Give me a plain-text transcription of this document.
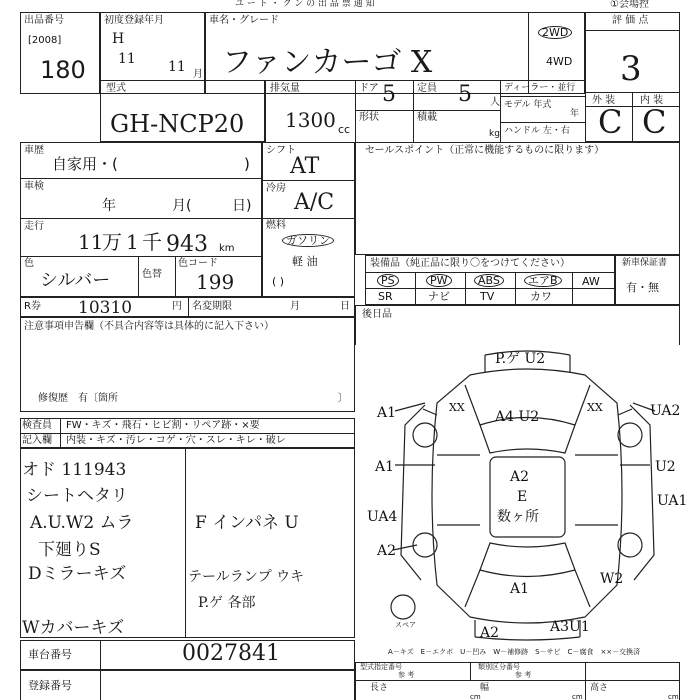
ユ ー ト ・ ク ン の 出 品 票 通 知	①会場控
出品番号
[2008]
180
初度登録年月
H
11 11 月
車名・グレード
ファンカーゴ X
2WD
4WD
評 価 点
3
外 装 内 装
C C
型式
GH-NCP20
排気量
1300 cc
ドア 5 定員 5 人
形状	積載
kg
ディーラー・並行
モデル 年式
年
ハンドル 左・右
車歴
自家用・(	)
車検
年	月(	日)
走行
11
万 1 千 943 km
色
シルバー	色替
色コード
199
R券 10310	円 名変期限	月	日
シフト
AT
冷房
A/C
燃料
ガソリン
軽 油
( )
セールスポイント（正常に機能するものに限ります）
装備品（純正品に限り〇をつけてください）
PS	PW	ABS	エアB	AW
SR	ナビ	TV	カワ
新車保証書
有・無
注意事項申告欄（不具合内容等は具体的に記入下さい）
修復歴　有〔箇所	〕
後日品
検査員
記入欄
FW・キズ・飛石・ヒビ割・リペア跡・×要
内装・キズ・汚レ・コゲ・穴・スレ・キレ・破レ
オド 111943
シートヘタリ
A.U.W2 ムラ	F インパネ U
下廻りS
Dミラーキズ	テールランプ ウキ
P.ゲ 各部
Wカバーキズ
車台番号	0027841
登録番号
型式指定番号
参 考
類別区分番号
参 考
長さ
cm
幅
cm
高さ
cm
A－キズ　E－エクボ　U－凹み　W－補修跡　S－サビ　C－腐食　××－交換済
P.ゲ U2
A1	XX
A4 U2
XX	UA2
A1	U2
UA4
UA1
A2
E
数ヶ所
A2
W2
A1
スペア	A2	A3U1
